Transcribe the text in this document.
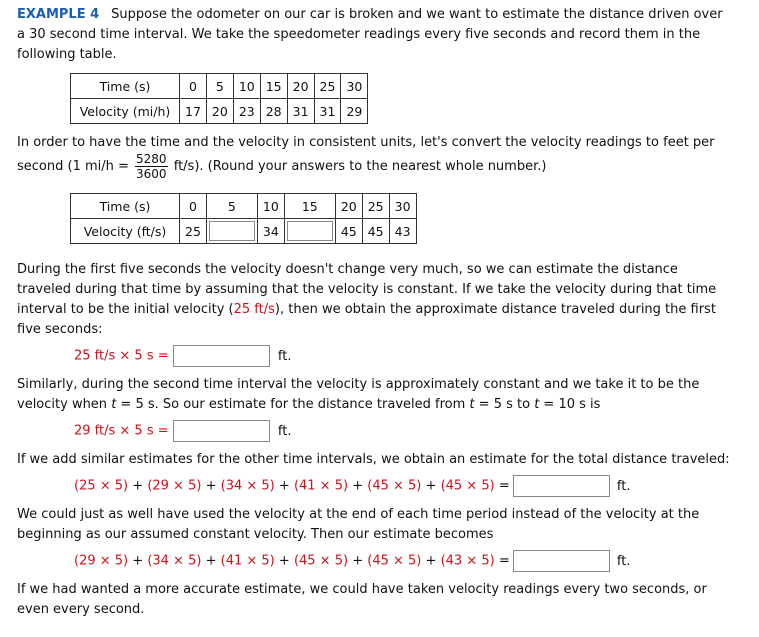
EXAMPLE 4 Suppose the odometer on our car is broken and we want to estimate the distance driven over
a 30 second time interval. We take the speedometer readings every five seconds and record them in the
following table.
Time (s)	0	5	10	15	20	25	30
Velocity (mi/h)	17	20	23	28	31	31	29
In order to have the time and the velocity in consistent units, let's convert the velocity readings to feet per
second (1 $mi/h = \frac{5280}{3600} ft/s$). (Round your answers to the nearest whole number.)
Time (s)	0	5	10	15	20	25	30
Velocity (ft/s)	25		34		45	45	43
During the first five seconds the velocity doesn't change very much, so we can estimate the distance
traveled during that time by assuming that the velocity is constant. If we take the velocity during that time
interval to be the initial velocity (25 ft/s), then we obtain the approximate distance traveled during the first
five seconds:
25 ft/s × 5 s =	ft.
Similarly, during the second time interval the velocity is approximately constant and we take it to be the
velocity when t = 5 s. So our estimate for the distance traveled from t = 5 s to t = 10 s is
29 ft/s × 5 s =	ft.
If we add similar estimates for the other time intervals, we obtain an estimate for the total distance traveled:
(25 × 5) + (29 × 5) + (34 × 5) + (41 × 5) + (45 × 5) + (45 × 5) =	ft.
We could just as well have used the velocity at the end of each time period instead of the velocity at the
beginning as our assumed constant velocity. Then our estimate becomes
(29 × 5) + (34 × 5) + (41 × 5) + (45 × 5) + (45 × 5) + (43 × 5) =	ft.
If we had wanted a more accurate estimate, we could have taken velocity readings every two seconds, or
even every second.
